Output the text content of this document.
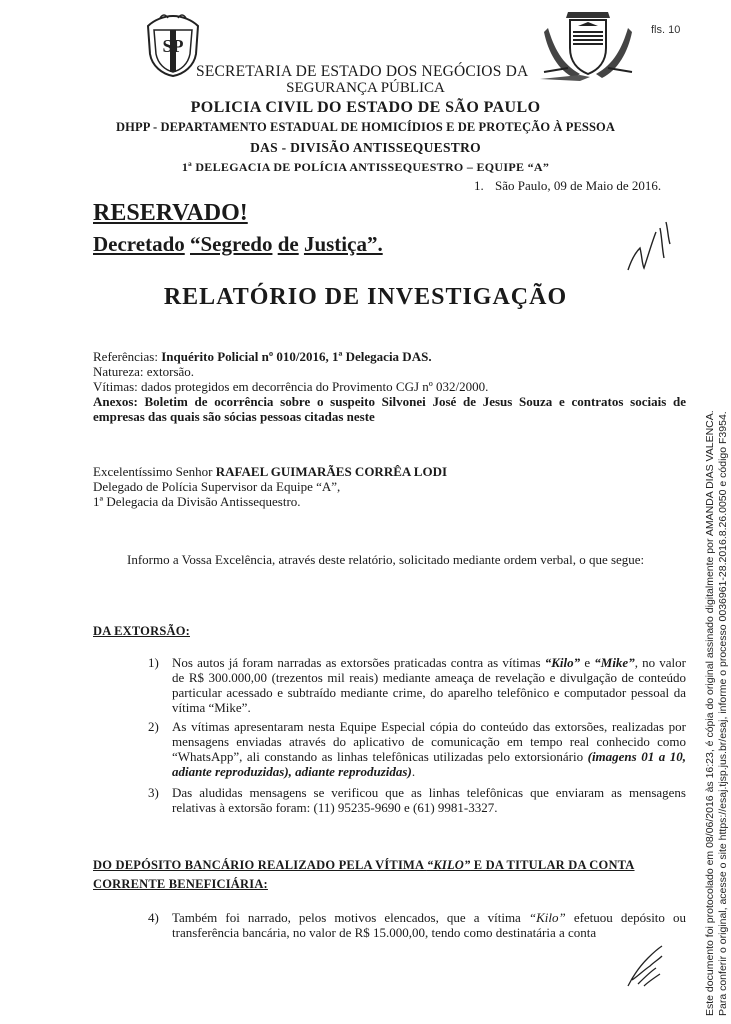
fls. 10
SP
SECRETARIA DE ESTADO DOS NEGÓCIOS DA
SEGURANÇA PÚBLICA
POLICIA CIVIL DO ESTADO DE SÃO PAULO
DHPP - DEPARTAMENTO ESTADUAL DE HOMICÍDIOS E DE PROTEÇÃO À PESSOA
DAS - DIVISÃO ANTISSEQUESTRO
1ª DELEGACIA DE POLÍCIA ANTISSEQUESTRO – EQUIPE “A”
1. São Paulo, 09 de Maio de 2016.
RESERVADO!
Decretado “Segredo de Justiça”.
RELATÓRIO DE INVESTIGAÇÃO
Referências: Inquérito Policial nº 010/2016, 1ª Delegacia DAS.
Natureza: extorsão.
Vítimas: dados protegidos em decorrência do Provimento CGJ nº 032/2000.
Anexos: Boletim de ocorrência sobre o suspeito Silvonei José de Jesus Souza e contratos sociais de empresas das quais são sócias pessoas citadas neste
Excelentíssimo Senhor RAFAEL GUIMARÃES CORRÊA LODI
Delegado de Polícia Supervisor da Equipe “A”,
1ª Delegacia da Divisão Antissequestro.
Informo a Vossa Excelência, através deste relatório, solicitado mediante ordem verbal, o que segue:
DA EXTORSÃO:
1) Nos autos já foram narradas as extorsões praticadas contra as vítimas “Kilo” e “Mike”, no valor de R$ 300.000,00 (trezentos mil reais) mediante ameaça de revelação e divulgação de conteúdo particular acessado e subtraído mediante crime, do aparelho telefônico e computador pessoal da vítima “Mike”.
2) As vítimas apresentaram nesta Equipe Especial cópia do conteúdo das extorsões, realizadas por mensagens enviadas através do aplicativo de comunicação em tempo real conhecido como “WhatsApp”, ali constando as linhas telefônicas utilizadas pelo extorsionário (imagens 01 a 10, adiante reproduzidas), adiante reproduzidas).
3) Das aludidas mensagens se verificou que as linhas telefônicas que enviaram as mensagens relativas à extorsão foram: (11) 95235-9690 e (61) 9981-3327.
DO DEPÓSITO BANCÁRIO REALIZADO PELA VÍTIMA “KILO” E DA TITULAR DA CONTA
CORRENTE BENEFICIÁRIA:
4) Também foi narrado, pelos motivos elencados, que a vítima “Kilo” efetuou depósito ou transferência bancária, no valor de R$ 15.000,00, tendo como destinatária a conta	Este documento foi protocolado em 08/06/2016 às 16:23, é cópia do original assinado digitalmente por AMANDA DIAS VALENCA. Para conferir o original, acesse o site https://esaj.tjsp.jus.br/esaj, informe o processo 0036961-28.2016.8.26.0050 e código F3954.
